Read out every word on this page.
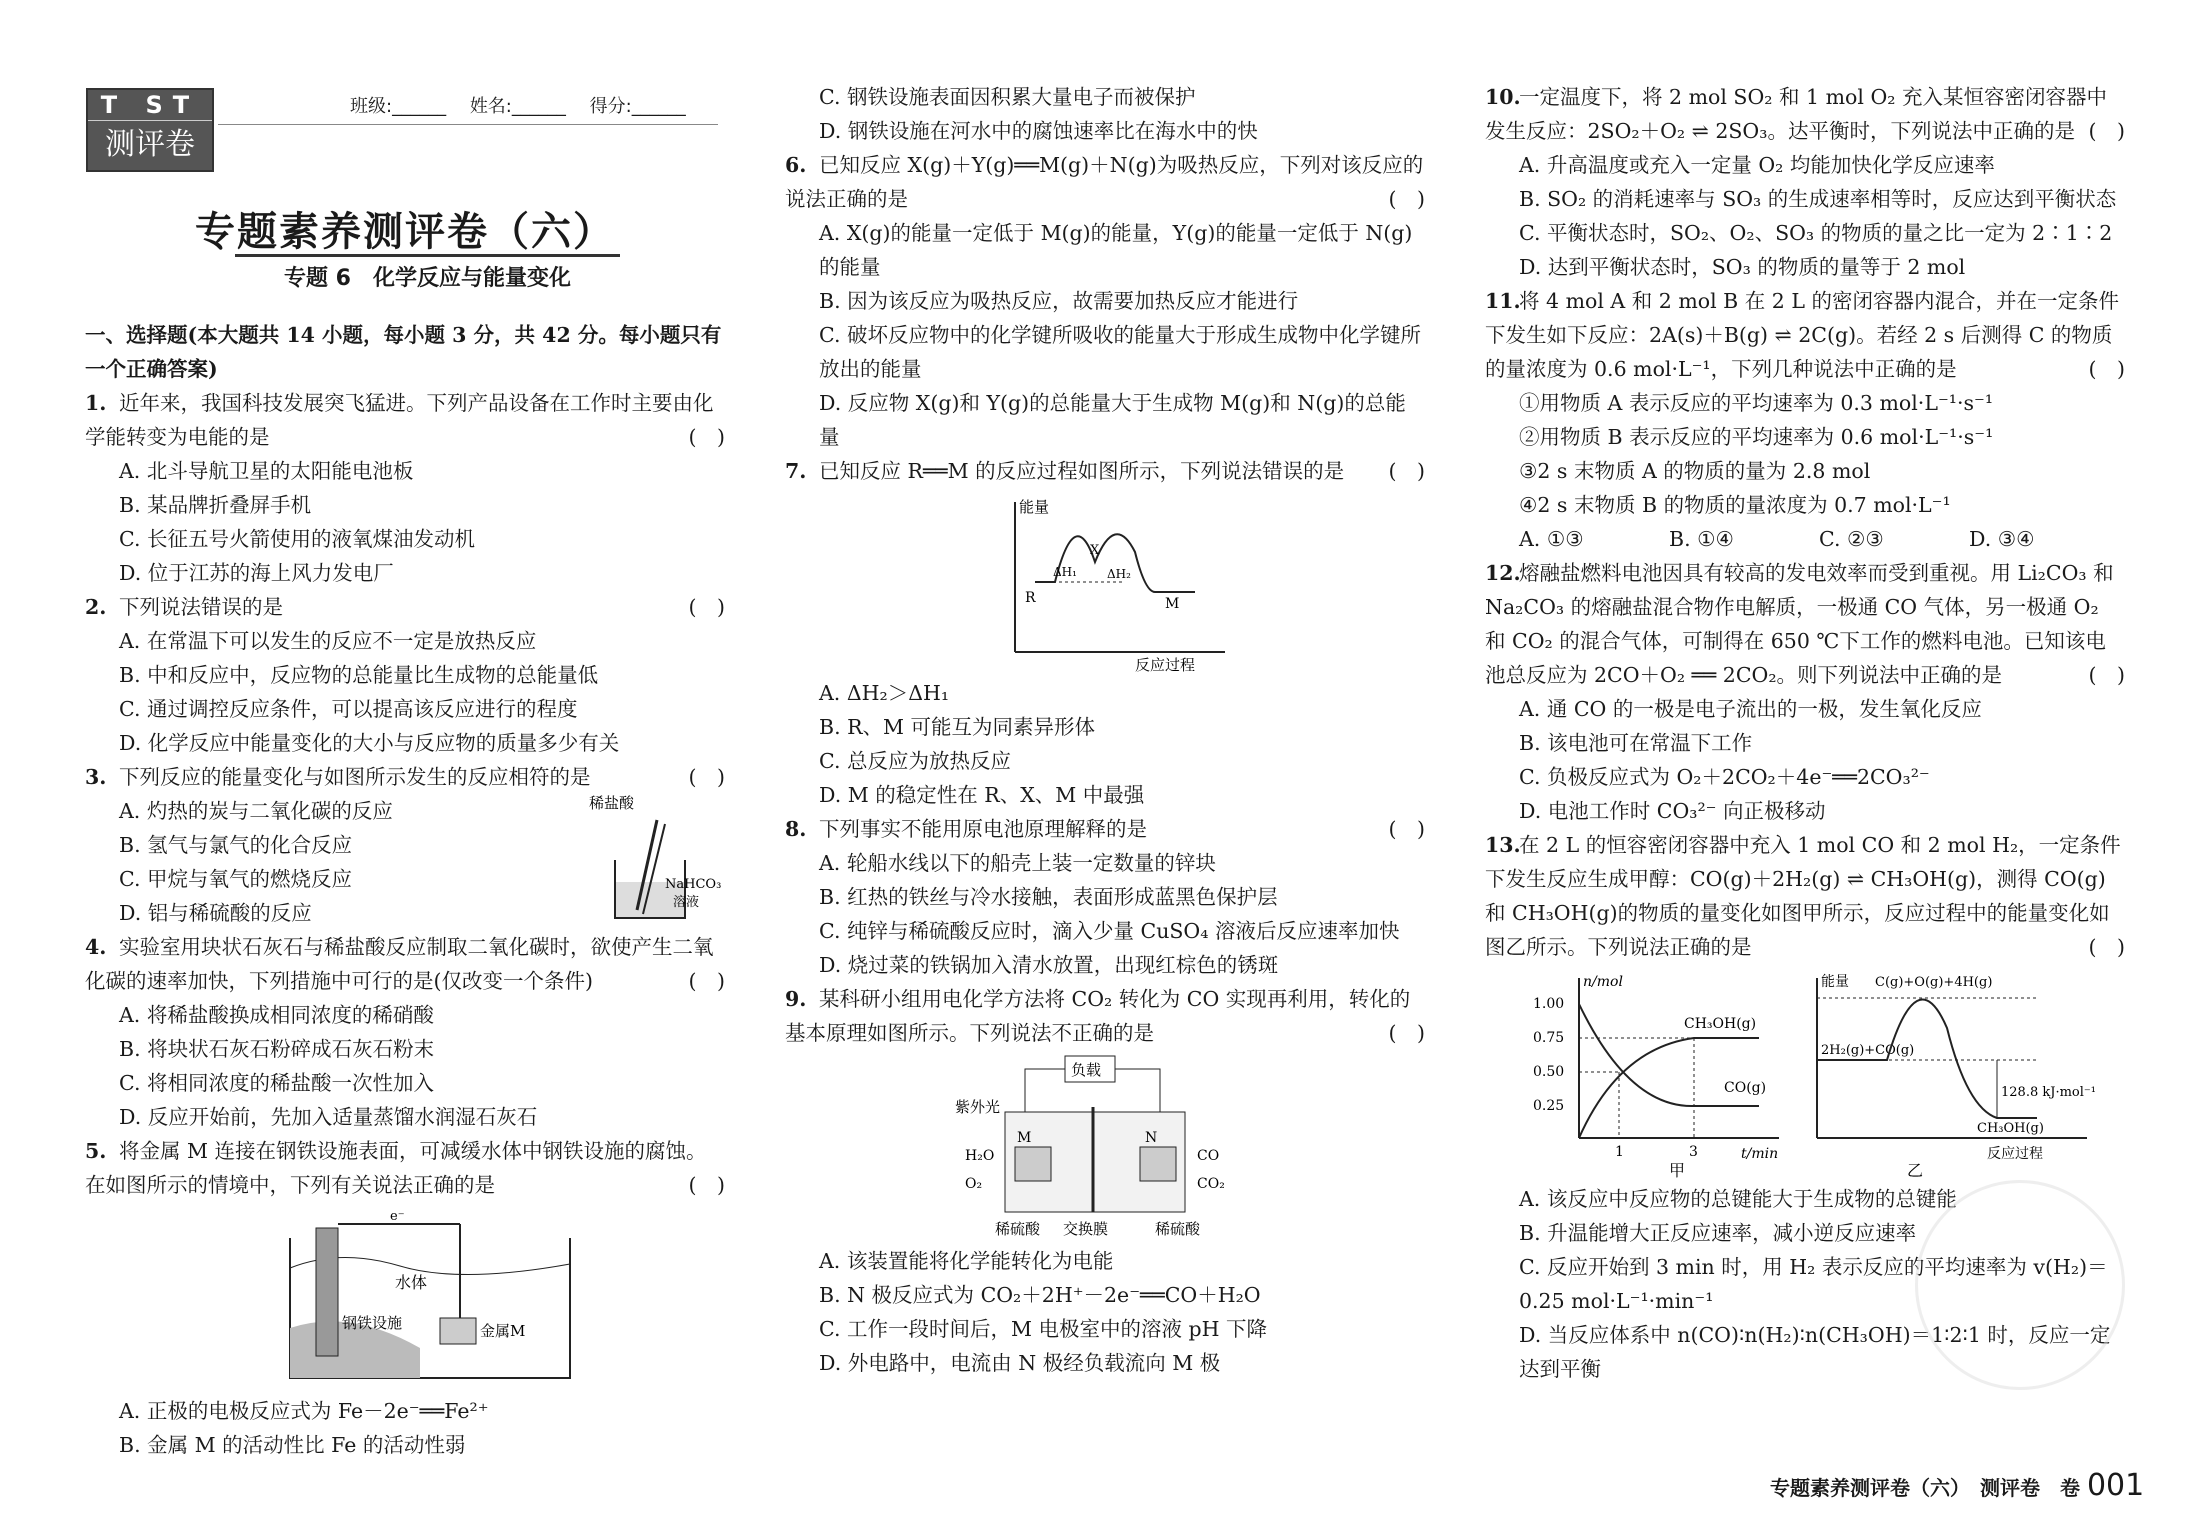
T ST
测评卷
班级:______ 姓名:______ 得分:______
专题素养测评卷（六）
专题 6　化学反应与能量变化
一、选择题(本大题共 14 小题，每小题 3 分，共 42 分。每小题只有一个正确答案)
1. 近年来，我国科技发展突飞猛进。下列产品设备在工作时主要由化学能转变为电能的是	(　)
A. 北斗导航卫星的太阳能电池板
B. 某品牌折叠屏手机
C. 长征五号火箭使用的液氧煤油发动机
D. 位于江苏的海上风力发电厂
2. 下列说法错误的是	(　)
A. 在常温下可以发生的反应不一定是放热反应
B. 中和反应中，反应物的总能量比生成物的总能量低
C. 通过调控反应条件，可以提高该反应进行的程度
D. 化学反应中能量变化的大小与反应物的质量多少有关
3. 下列反应的能量变化与如图所示发生的反应相符的是	(　)
A. 灼热的炭与二氧化碳的反应
B. 氢气与氯气的化合反应
C. 甲烷与氧气的燃烧反应
D. 铝与稀硫酸的反应
稀盐酸
NaHCO₃
溶液
4. 实验室用块状石灰石与稀盐酸反应制取二氧化碳时，欲使产生二氧化碳的速率加快，下列措施中可行的是(仅改变一个条件)	(　)
A. 将稀盐酸换成相同浓度的稀硝酸
B. 将块状石灰石粉碎成石灰石粉末
C. 将相同浓度的稀盐酸一次性加入
D. 反应开始前，先加入适量蒸馏水润湿石灰石
5. 将金属 M 连接在钢铁设施表面，可减缓水体中钢铁设施的腐蚀。在如图所示的情境中，下列有关说法正确的是	(　)
e⁻
水体
钢铁设施	金属M
A. 正极的电极反应式为 Fe－2e⁻══Fe²⁺
B. 金属 M 的活动性比 Fe 的活动性弱
C. 钢铁设施表面因积累大量电子而被保护
D. 钢铁设施在河水中的腐蚀速率比在海水中的快
6. 已知反应 X(g)＋Y(g)══M(g)＋N(g)为吸热反应，下列对该反应的说法正确的是	(　)
A. X(g)的能量一定低于 M(g)的能量，Y(g)的能量一定低于 N(g)的能量
B. 因为该反应为吸热反应，故需要加热反应才能进行
C. 破坏反应物中的化学键所吸收的能量大于形成生成物中化学键所放出的能量
D. 反应物 X(g)和 Y(g)的总能量大于生成物 M(g)和 N(g)的总能量
7. 已知反应 R══M 的反应过程如图所示，下列说法错误的是 (　)
能量
反应过程
R	M
X
ΔH₁	ΔH₂
A. ΔH₂＞ΔH₁
B. R、M 可能互为同素异形体
C. 总反应为放热反应
D. M 的稳定性在 R、X、M 中最强
8. 下列事实不能用原电池原理解释的是	(　)
A. 轮船水线以下的船壳上装一定数量的锌块
B. 红热的铁丝与冷水接触，表面形成蓝黑色保护层
C. 纯锌与稀硫酸反应时，滴入少量 CuSO₄ 溶液后反应速率加快
D. 烧过菜的铁锅加入清水放置，出现红棕色的锈斑
9. 某科研小组用电化学方法将 CO₂ 转化为 CO 实现再利用，转化的基本原理如图所示。下列说法不正确的是	(　)
负载
紫外光
M	N
H₂O
O₂
CO
CO₂
稀硫酸 交换膜	稀硫酸
A. 该装置能将化学能转化为电能
B. N 极反应式为 CO₂＋2H⁺－2e⁻══CO＋H₂O
C. 工作一段时间后，M 电极室中的溶液 pH 下降
D. 外电路中，电流由 N 极经负载流向 M 极
10.一定温度下，将 2 mol SO₂ 和 1 mol O₂ 充入某恒容密闭容器中发生反应：2SO₂＋O₂ ⇌ 2SO₃。达平衡时，下列说法中正确的是 (　)
A. 升高温度或充入一定量 O₂ 均能加快化学反应速率
B. SO₂ 的消耗速率与 SO₃ 的生成速率相等时，反应达到平衡状态
C. 平衡状态时，SO₂、O₂、SO₃ 的物质的量之比一定为 2∶1∶2
D. 达到平衡状态时，SO₃ 的物质的量等于 2 mol
11.将 4 mol A 和 2 mol B 在 2 L 的密闭容器内混合，并在一定条件下发生如下反应：2A(s)＋B(g) ⇌ 2C(g)。若经 2 s 后测得 C 的物质的量浓度为 0.6 mol·L⁻¹，下列几种说法中正确的是	(　)
①用物质 A 表示反应的平均速率为 0.3 mol·L⁻¹·s⁻¹
②用物质 B 表示反应的平均速率为 0.6 mol·L⁻¹·s⁻¹
③2 s 末物质 A 的物质的量为 2.8 mol
④2 s 末物质 B 的物质的量浓度为 0.7 mol·L⁻¹
A. ①③	B. ①④	C. ②③	D. ③④
12.熔融盐燃料电池因具有较高的发电效率而受到重视。用 Li₂CO₃ 和 Na₂CO₃ 的熔融盐混合物作电解质，一极通 CO 气体，另一极通 O₂ 和 CO₂ 的混合气体，可制得在 650 ℃下工作的燃料电池。已知该电池总反应为 2CO＋O₂ ══ 2CO₂。则下列说法中正确的是	(　)
A. 通 CO 的一极是电子流出的一极，发生氧化反应
B. 该电池可在常温下工作
C. 负极反应式为 O₂＋2CO₂＋4e⁻══2CO₃²⁻
D. 电池工作时 CO₃²⁻ 向正极移动
13.在 2 L 的恒容密闭容器中充入 1 mol CO 和 2 mol H₂，一定条件下发生反应生成甲醇：CO(g)＋2H₂(g) ⇌ CH₃OH(g)，测得 CO(g)和 CH₃OH(g)的物质的量变化如图甲所示，反应过程中的能量变化如图乙所示。下列说法正确的是	(　)
n/mol
t/min
1.00
0.75
0.50
0.25
1	3
CH₃OH(g)
CO(g)
甲
能量 C(g)+O(g)+4H(g)
2H₂(g)+CO(g)
128.8 kJ·mol⁻¹
CH₃OH(g)
反应过程
乙
A. 该反应中反应物的总键能大于生成物的总键能
B. 升温能增大正反应速率，减小逆反应速率
C. 反应开始到 3 min 时，用 H₂ 表示反应的平均速率为 v(H₂)＝0.25 mol·L⁻¹·min⁻¹
D. 当反应体系中 n(CO)∶n(H₂)∶n(CH₃OH)＝1∶2∶1 时，反应一定达到平衡
专题素养测评卷（六）　测评卷　卷 001
